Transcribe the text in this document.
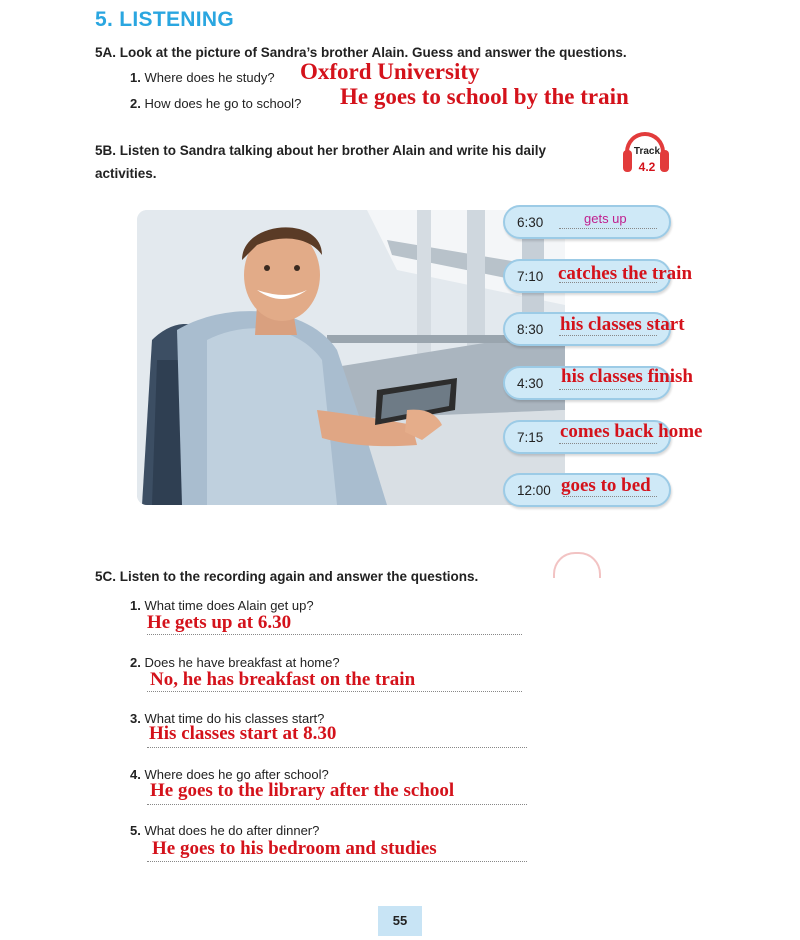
5. LISTENING
5A. Look at the picture of Sandra’s brother Alain. Guess and answer the questions.
1. Where does he study? Oxford University
2. How does he go to school? He goes to school by the train
5B. Listen to Sandra talking about her brother Alain and write his daily
activities.
Track
4.2
6:30	gets up
7:10 catches the train
8:30 his classes start
4:30 his classes finish
7:15 comes back home
12:00 goes to bed
5C. Listen to the recording again and answer the questions.
1. What time does Alain get up?
He gets up at 6.30
2. Does he have breakfast at home?
No, he has breakfast on the train
3. What time do his classes start?
His classes start at 8.30
4. Where does he go after school?
He goes to the library after the school
5. What does he do after dinner?
He goes to his bedroom and studies
55
